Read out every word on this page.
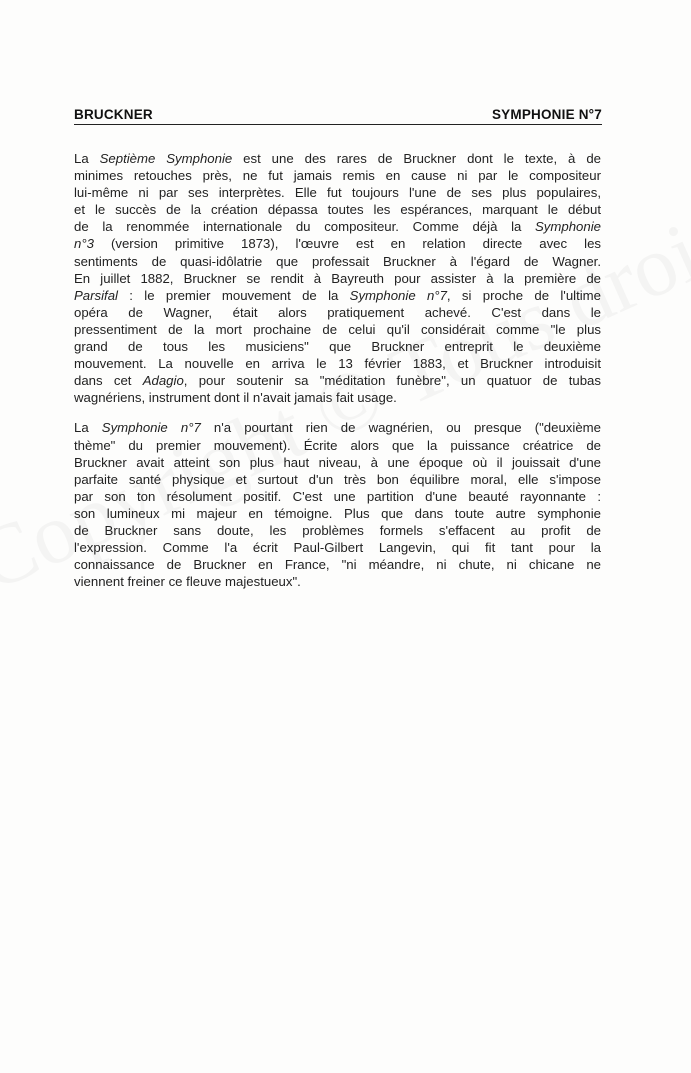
BRUCKNER	SYMPHONIE N°7
La Septième Symphonie est une des rares de Bruckner dont le texte, à de
minimes retouches près, ne fut jamais remis en cause ni par le compositeur
lui-même ni par ses interprètes. Elle fut toujours l'une de ses plus populaires,
et le succès de la création dépassa toutes les espérances, marquant le début
de la renommée internationale du compositeur. Comme déjà la Symphonie
n°3 (version primitive 1873), l'œuvre est en relation directe avec les
sentiments de quasi-idôlatrie que professait Bruckner à l'égard de Wagner.
En juillet 1882, Bruckner se rendit à Bayreuth pour assister à la première de
Parsifal : le premier mouvement de la Symphonie n°7, si proche de l'ultime
opéra de Wagner, était alors pratiquement achevé. C'est dans le
pressentiment de la mort prochaine de celui qu'il considérait comme "le plus
grand de tous les musiciens" que Bruckner entreprit le deuxième
mouvement. La nouvelle en arriva le 13 février 1883, et Bruckner introduisit
dans cet Adagio, pour soutenir sa "méditation funèbre", un quatuor de tubas
wagnériens, instrument dont il n'avait jamais fait usage.
La Symphonie n°7 n'a pourtant rien de wagnérien, ou presque ("deuxième
thème" du premier mouvement). Écrite alors que la puissance créatrice de
Bruckner avait atteint son plus haut niveau, à une époque où il jouissait d'une
parfaite santé physique et surtout d'un très bon équilibre moral, elle s'impose
par son ton résolument positif. C'est une partition d'une beauté rayonnante :
son lumineux mi majeur en témoigne. Plus que dans toute autre symphonie
de Bruckner sans doute, les problèmes formels s'effacent au profit de
l'expression. Comme l'a écrit Paul-Gilbert Langevin, qui fit tant pour la
connaissance de Bruckner en France, "ni méandre, ni chute, ni chicane ne
viennent freiner ce fleuve majestueux".
